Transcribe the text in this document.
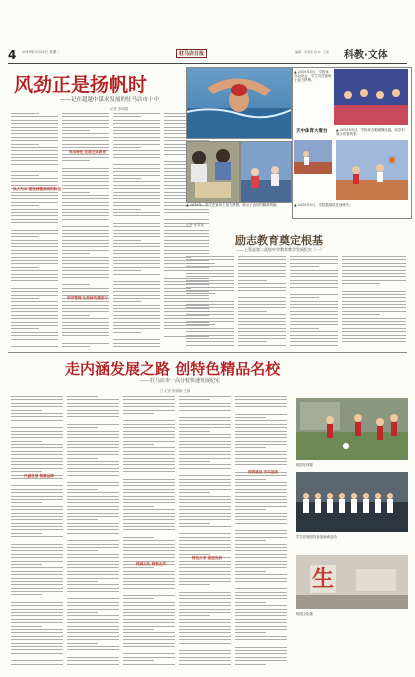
4	2019年5月28日 星期二	驻马店日报	编辑：李某某 校对：王某 科教·文体
风劲正是扬帆时
——记在超越中谋求发展的驻马店市十中
记者 李丽娟
以人为本 建设师德高尚的队伍
突出特色 发展艺体教育
科学管理 让校园充满活力
▲ 2019年5月，学校举办运动会，学生们在赛场上奋力拼搏。
天中体育大看台	▲ 2019年5月，学校举办啦啦操比赛，同学们展示青春风采。
▲ 2019年，学生在赛场上奋力拼搏，展示了良好的精神风貌。	▲ 2019年5月，学校篮球队在训练中。
励志教育奠定根基
——上蔡县第二高级中学教育教学发展纪实（一）
记者 张某某
走内涵发展之路 创特色精品名校
——驻马店市一高分校快速发展纪实
□ 记者 张丽丽 王刚
内涵发展 铸就品牌
校园文化 润物无声
特色办学 促进发展
师资建设 夯实基础
校园足球赛
学生在校园内参加诵读活动
生
校园文化墙
